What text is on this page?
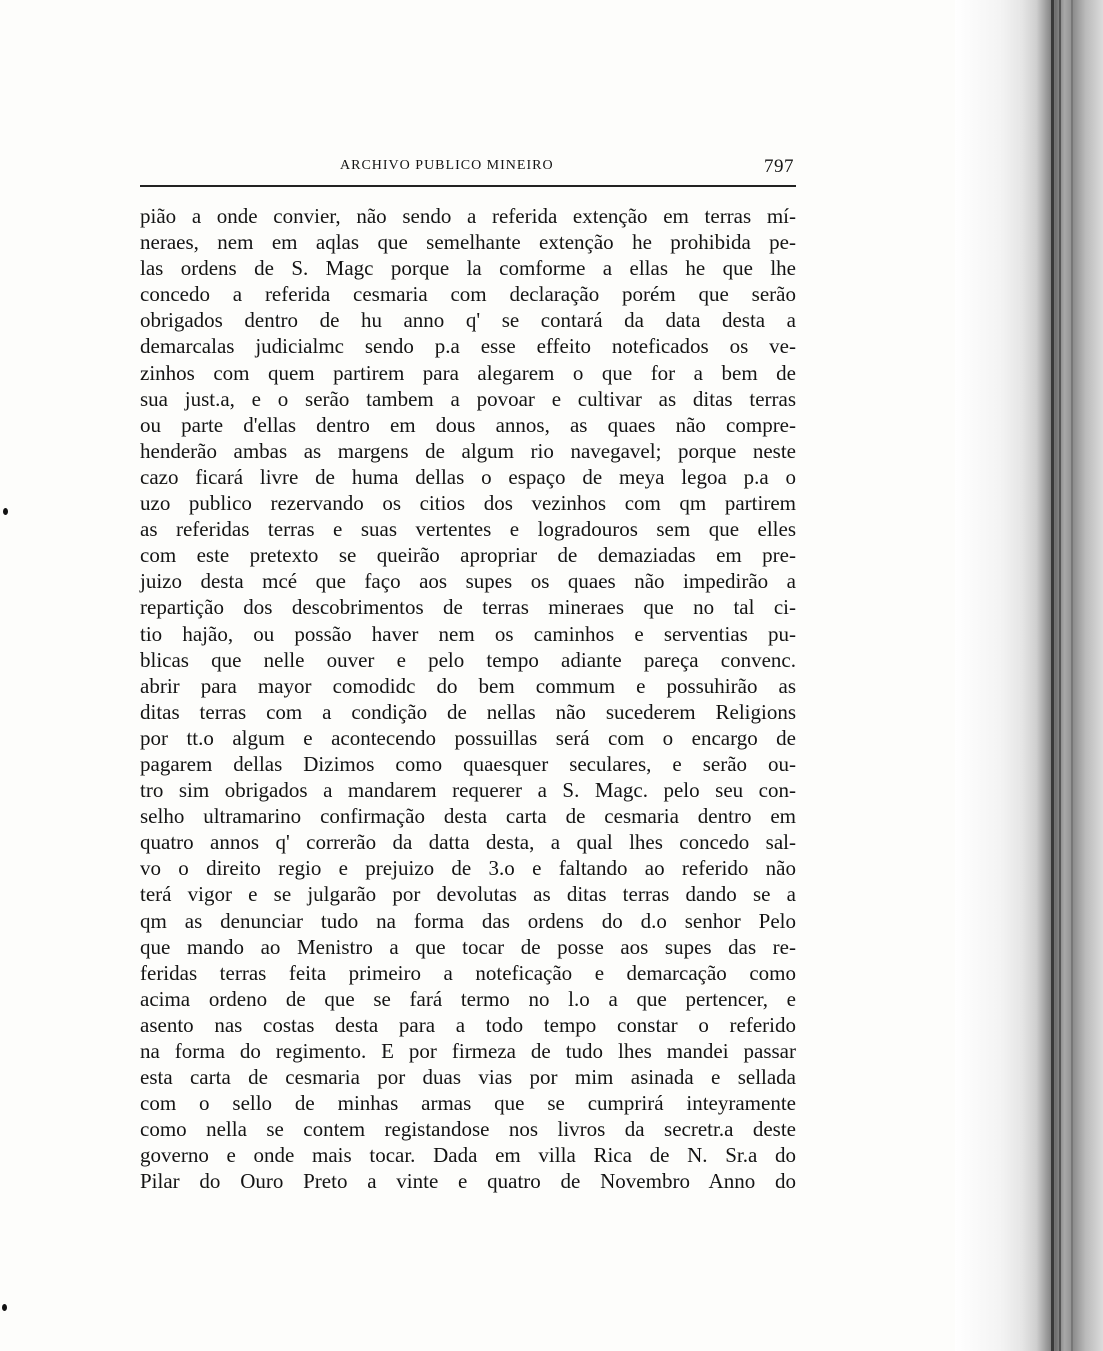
ARCHIVO PUBLICO MINEIRO	797
pião a onde convier, não sendo a referida extenção em terras mí-
neraes, nem em aqlas que semelhante extenção he prohibida pe-
las ordens de S. Magc porque la comforme a ellas he que lhe
concedo a referida cesmaria com declaração porém que serão
obrigados dentro de hu anno q' se contará da data desta a
demarcalas judicialmc sendo p.a esse effeito noteficados os ve-
zinhos com quem partirem para alegarem o que for a bem de
sua just.a, e o serão tambem a povoar e cultivar as ditas terras
ou parte d'ellas dentro em dous annos, as quaes não compre-
henderão ambas as margens de algum rio navegavel; porque neste
cazo ficará livre de huma dellas o espaço de meya legoa p.a o
uzo publico rezervando os citios dos vezinhos com qm partirem
as referidas terras e suas vertentes e logradouros sem que elles
com este pretexto se queirão apropriar de demaziadas em pre-
juizo desta mcé que faço aos supes os quaes não impedirão a
repartição dos descobrimentos de terras mineraes que no tal ci-
tio hajão, ou possão haver nem os caminhos e serventias pu-
blicas que nelle ouver e pelo tempo adiante pareça convenc.
abrir para mayor comodidc do bem commum e possuhirão as
ditas terras com a condição de nellas não sucederem Religions
por tt.o algum e acontecendo possuillas será com o encargo de
pagarem dellas Dizimos como quaesquer seculares, e serão ou-
tro sim obrigados a mandarem requerer a S. Magc. pelo seu con-
selho ultramarino confirmação desta carta de cesmaria dentro em
quatro annos q' correrão da datta desta, a qual lhes concedo sal-
vo o direito regio e prejuizo de 3.o e faltando ao referido não
terá vigor e se julgarão por devolutas as ditas terras dando se a
qm as denunciar tudo na forma das ordens do d.o senhor Pelo
que mando ao Menistro a que tocar de posse aos supes das re-
feridas terras feita primeiro a noteficação e demarcação como
acima ordeno de que se fará termo no l.o a que pertencer, e
asento nas costas desta para a todo tempo constar o referido
na forma do regimento. E por firmeza de tudo lhes mandei passar
esta carta de cesmaria por duas vias por mim asinada e sellada
com o sello de minhas armas que se cumprirá inteyramente
como nella se contem registandose nos livros da secretr.a deste
governo e onde mais tocar. Dada em villa Rica de N. Sr.a do
Pilar do Ouro Preto a vinte e quatro de Novembro Anno do
